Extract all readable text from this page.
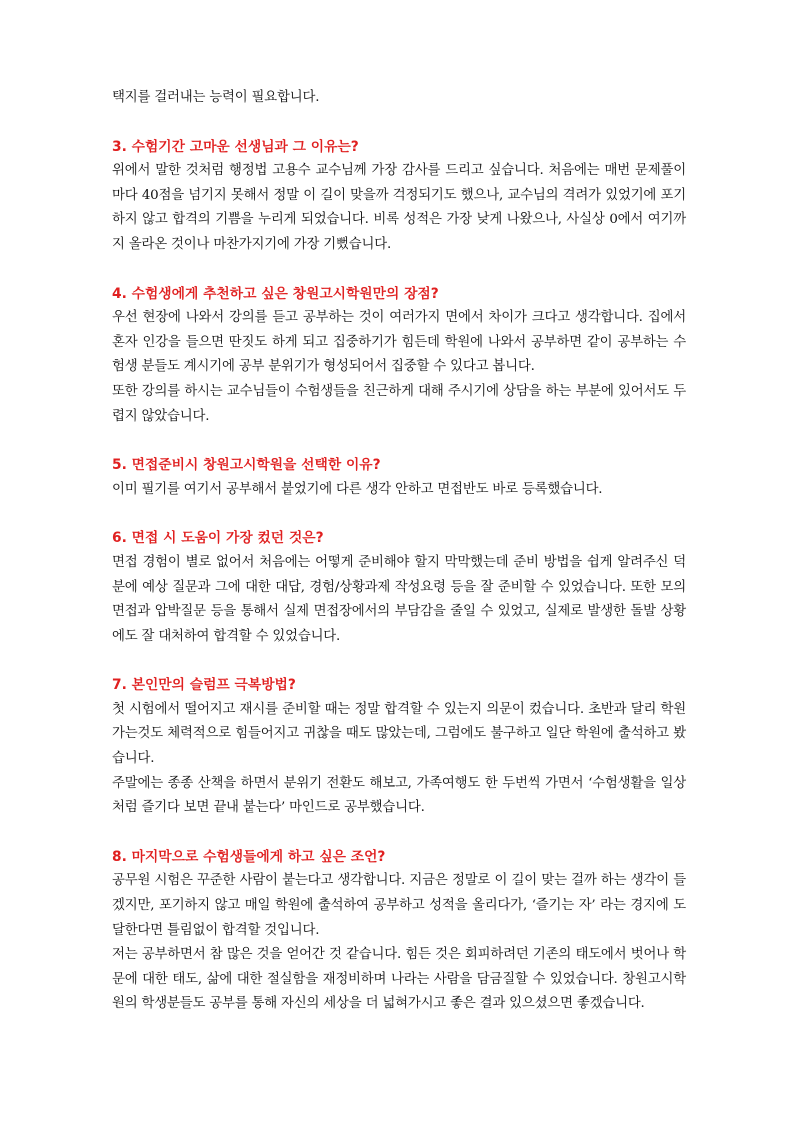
택지를 걸러내는 능력이 필요합니다.

3. 수험기간 고마운 선생님과 그 이유는?

위에서 말한 것처럼 행정법 고용수 교수님께 가장 감사를 드리고 싶습니다. 처음에는 매번 문제풀이마다 40점을 넘기지 못해서 정말 이 길이 맞을까 걱정되기도 했으나, 교수님의 격려가 있었기에 포기하지 않고 합격의 기쁨을 누리게 되었습니다. 비록 성적은 가장 낮게 나왔으나, 사실상 0에서 여기까지 올라온 것이나 마찬가지기에 가장 기뻤습니다.

4. 수험생에게 추천하고 싶은 창원고시학원만의 장점?

우선 현장에 나와서 강의를 듣고 공부하는 것이 여러가지 면에서 차이가 크다고 생각합니다. 집에서 혼자 인강을 들으면 딴짓도 하게 되고 집중하기가 힘든데 학원에 나와서 공부하면 같이 공부하는 수험생 분들도 계시기에 공부 분위기가 형성되어서 집중할 수 있다고 봅니다.

또한 강의를 하시는 교수님들이 수험생들을 친근하게 대해 주시기에 상담을 하는 부분에 있어서도 두렵지 않았습니다.

5. 면접준비시 창원고시학원을 선택한 이유?

이미 필기를 여기서 공부해서 붙었기에 다른 생각 안하고 면접반도 바로 등록했습니다.

6. 면접 시 도움이 가장 컸던 것은?

면접 경험이 별로 없어서 처음에는 어떻게 준비해야 할지 막막했는데 준비 방법을 쉽게 알려주신 덕분에 예상 질문과 그에 대한 대답, 경험/상황과제 작성요령 등을 잘 준비할 수 있었습니다. 또한 모의면접과 압박질문 등을 통해서 실제 면접장에서의 부담감을 줄일 수 있었고, 실제로 발생한 돌발 상황에도 잘 대처하여 합격할 수 있었습니다.

7. 본인만의 슬럼프 극복방법?

첫 시험에서 떨어지고 재시를 준비할 때는 정말 합격할 수 있는지 의문이 컸습니다. 초반과 달리 학원 가는것도 체력적으로 힘들어지고 귀찮을 때도 많았는데, 그럼에도 불구하고 일단 학원에 출석하고 봤습니다.

주말에는 종종 산책을 하면서 분위기 전환도 해보고, 가족여행도 한 두번씩 가면서 ‘수험생활을 일상처럼 즐기다 보면 끝내 붙는다’ 마인드로 공부했습니다.

8. 마지막으로 수험생들에게 하고 싶은 조언?

공무원 시험은 꾸준한 사람이 붙는다고 생각합니다. 지금은 정말로 이 길이 맞는 걸까 하는 생각이 들겠지만, 포기하지 않고 매일 학원에 출석하여 공부하고 성적을 올리다가, ‘즐기는 자’ 라는 경지에 도달한다면 틀림없이 합격할 것입니다.

저는 공부하면서 참 많은 것을 얻어간 것 같습니다. 힘든 것은 회피하려던 기존의 태도에서 벗어나 학문에 대한 태도, 삶에 대한 절실함을 재정비하며 나라는 사람을 담금질할 수 있었습니다. 창원고시학원의 학생분들도 공부를 통해 자신의 세상을 더 넓혀가시고 좋은 결과 있으셨으면 좋겠습니다.
